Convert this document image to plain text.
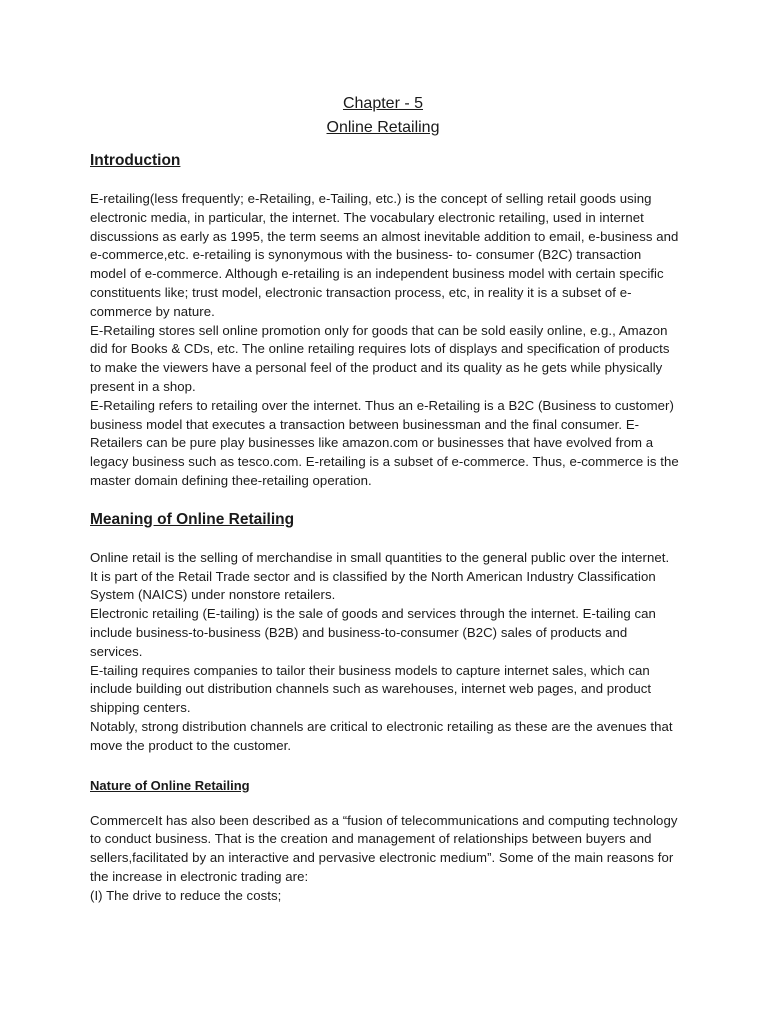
Chapter - 5
Online Retailing
Introduction

E-retailing(less frequently; e-Retailing, e-Tailing, etc.) is the concept of selling retail goods using electronic media, in particular, the internet. The vocabulary electronic retailing, used in internet discussions as early as 1995, the term seems an almost inevitable addition to email, e-business and e-commerce,etc. e-retailing is synonymous with the business- to- consumer (B2C) transaction model of e-commerce. Although e-retailing is an independent business model with certain specific constituents like; trust model, electronic transaction process, etc, in reality it is a subset of e- commerce by nature.

E-Retailing stores sell online promotion only for goods that can be sold easily online, e.g., Amazon did for Books & CDs, etc. The online retailing requires lots of displays and specification of products to make the viewers have a personal feel of the product and its quality as he gets while physically present in a shop.

E-Retailing refers to retailing over the internet. Thus an e-Retailing is a B2C (Business to customer) business model that executes a transaction between businessman and the final consumer. E-Retailers can be pure play businesses like amazon.com or businesses that have evolved from a legacy business such as tesco.com. E-retailing is a subset of e-commerce. Thus, e-commerce is the master domain defining thee-retailing operation.

Meaning of Online Retailing

Online retail is the selling of merchandise in small quantities to the general public over the internet. It is part of the Retail Trade sector and is classified by the North American Industry Classification System (NAICS) under nonstore retailers.

Electronic retailing (E-tailing) is the sale of goods and services through the internet. E-tailing can include business-to-business (B2B) and business-to-consumer (B2C) sales of products and services.

E-tailing requires companies to tailor their business models to capture internet sales, which can include building out distribution channels such as warehouses, internet web pages, and product shipping centers.

Notably, strong distribution channels are critical to electronic retailing as these are the avenues that move the product to the customer.

Nature of Online Retailing

CommerceIt has also been described as a “fusion of telecommunications and computing technology to conduct business. That is the creation and management of relationships between buyers and sellers,facilitated by an interactive and pervasive electronic medium”. Some of the main reasons for the increase in electronic trading are:

(I) The drive to reduce the costs;
